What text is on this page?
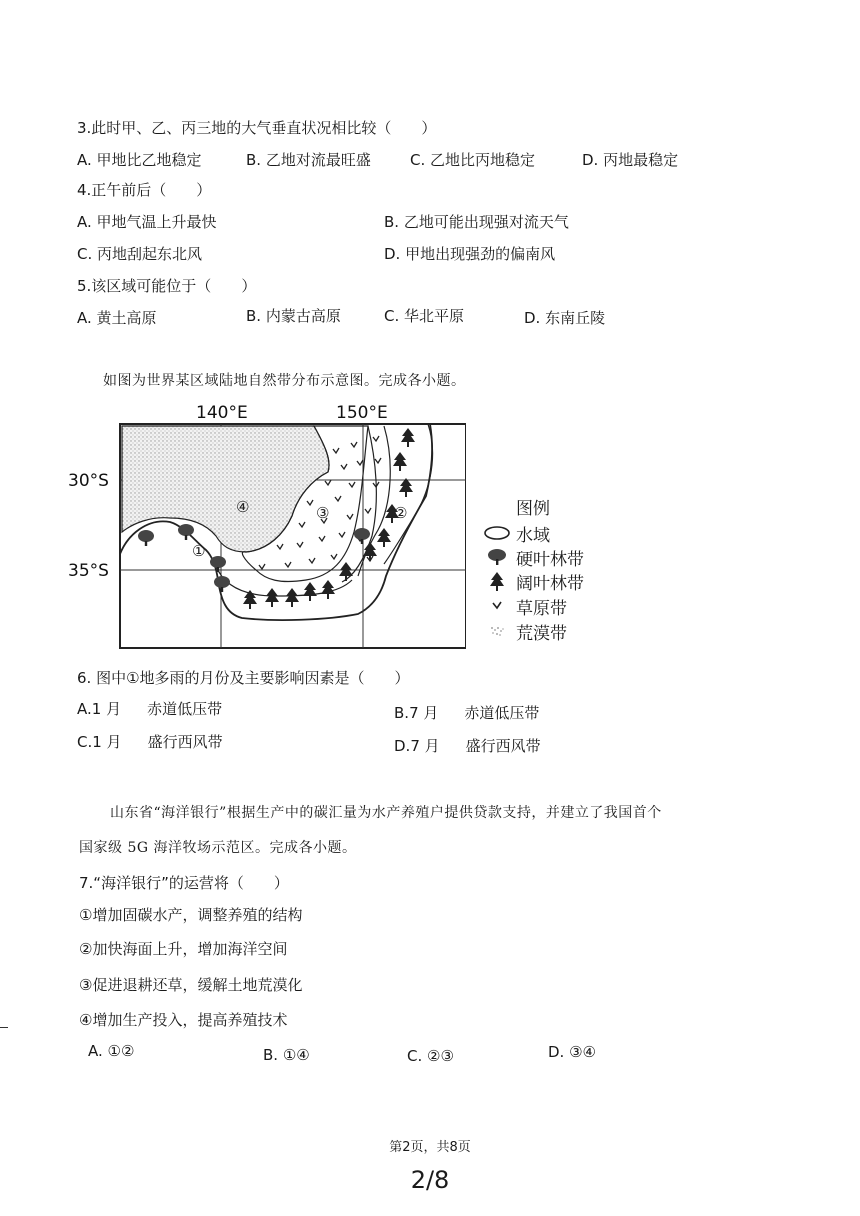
3.此时甲、乙、丙三地的大气垂直状况相比较（　　）
A. 甲地比乙地稳定	B. 乙地对流最旺盛	C. 乙地比丙地稳定	D. 丙地最稳定
4.正午前后（　　）
A. 甲地气温上升最快	B. 乙地可能出现强对流天气
C. 丙地刮起东北风	D. 甲地出现强劲的偏南风
5.该区域可能位于（　　）
A. 黄土高原	B. 内蒙古高原	C. 华北平原	D. 东南丘陵
如图为世界某区域陆地自然带分布示意图。完成各小题。
④	③	②
①
140°E	150°E
30°S
35°S
图例
水域
硬叶林带
阔叶林带
草原带
荒漠带
6. 图中①地多雨的月份及主要影响因素是（　　）
A.1 月 赤道低压带	B.7 月 赤道低压带
C.1 月 盛行西风带	D.7 月 盛行西风带
山东省“海洋银行”根据生产中的碳汇量为水产养殖户提供贷款支持，并建立了我国首个
国家级 5G 海洋牧场示范区。完成各小题。
7.“海洋银行”的运营将（　　）
①增加固碳水产，调整养殖的结构
②加快海面上升，增加海洋空间
③促进退耕还草，缓解土地荒漠化
④增加生产投入，提高养殖技术
A. ①②	B. ①④	C. ②③	D. ③④
第2页，共8页
2/8
